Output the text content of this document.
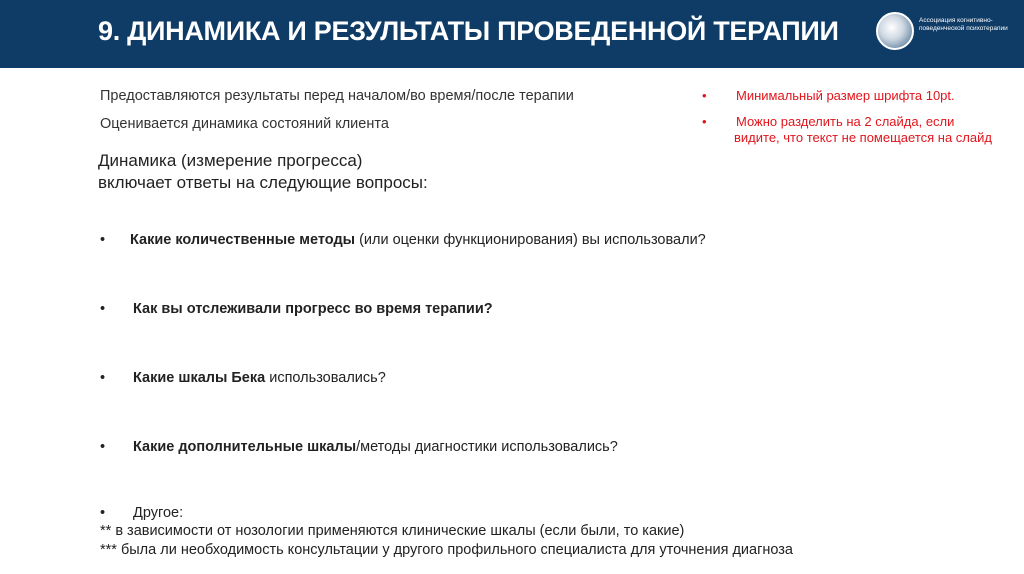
9. ДИНАМИКА И РЕЗУЛЬТАТЫ ПРОВЕДЕННОЙ ТЕРАПИИ	Ассоциация когнитивно-поведенческой психотерапии
Предоставляются результаты перед началом/во время/после терапии
Оценивается динамика состояний клиента
• Минимальный размер шрифта 10pt.
• Можно разделить на 2 слайда, если
видите, что текст не помещается на слайд
Динамика (измерение прогресса)
включает ответы на следующие вопросы:
• Какие количественные методы (или оценки функционирования) вы использовали?
• Как вы отслеживали прогресс во время терапии?
• Какие шкалы Бека использовались?
• Какие дополнительные шкалы/методы диагностики использовались?
• Другое:
** в зависимости от нозологии применяются клинические шкалы (если были, то какие)
*** была ли необходимость консультации у другого профильного специалиста для уточнения диагноза
